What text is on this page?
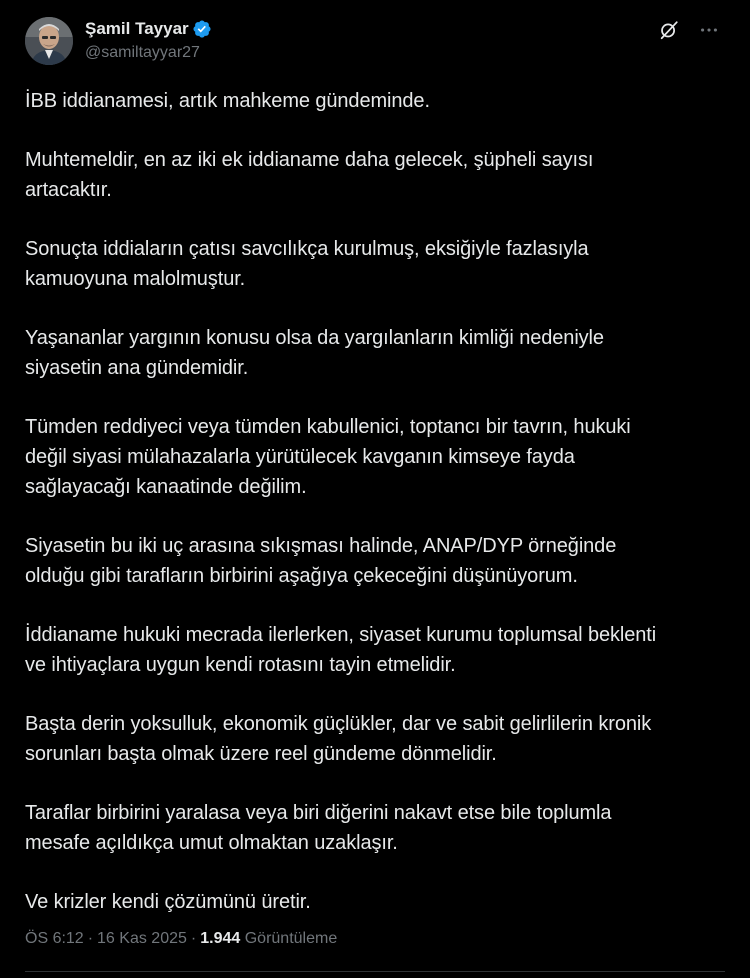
Şamil Tayyar
@samiltayyar27

İBB iddianamesi, artık mahkeme gündeminde.

Muhtemeldir, en az iki ek iddianame daha gelecek, şüpheli sayısı
artacaktır.

Sonuçta iddiaların çatısı savcılıkça kurulmuş, eksiğiyle fazlasıyla
kamuoyuna malolmuştur.

Yaşananlar yargının konusu olsa da yargılanların kimliği nedeniyle
siyasetin ana gündemidir.

Tümden reddiyeci veya tümden kabullenici, toptancı bir tavrın, hukuki
değil siyasi mülahazalarla yürütülecek kavganın kimseye fayda
sağlayacağı kanaatinde değilim.

Siyasetin bu iki uç arasına sıkışması halinde, ANAP/DYP örneğinde
olduğu gibi tarafların birbirini aşağıya çekeceğini düşünüyorum.

İddianame hukuki mecrada ilerlerken, siyaset kurumu toplumsal beklenti
ve ihtiyaçlara uygun kendi rotasını tayin etmelidir.

Başta derin yoksulluk, ekonomik güçlükler, dar ve sabit gelirlilerin kronik
sorunları başta olmak üzere reel gündeme dönmelidir.

Taraflar birbirini yaralasa veya biri diğerini nakavt etse bile toplumla
mesafe açıldıkça umut olmaktan uzaklaşır.

Ve krizler kendi çözümünü üretir.

ÖS 6:12 · 16 Kas 2025 · 1.944 Görüntüleme
